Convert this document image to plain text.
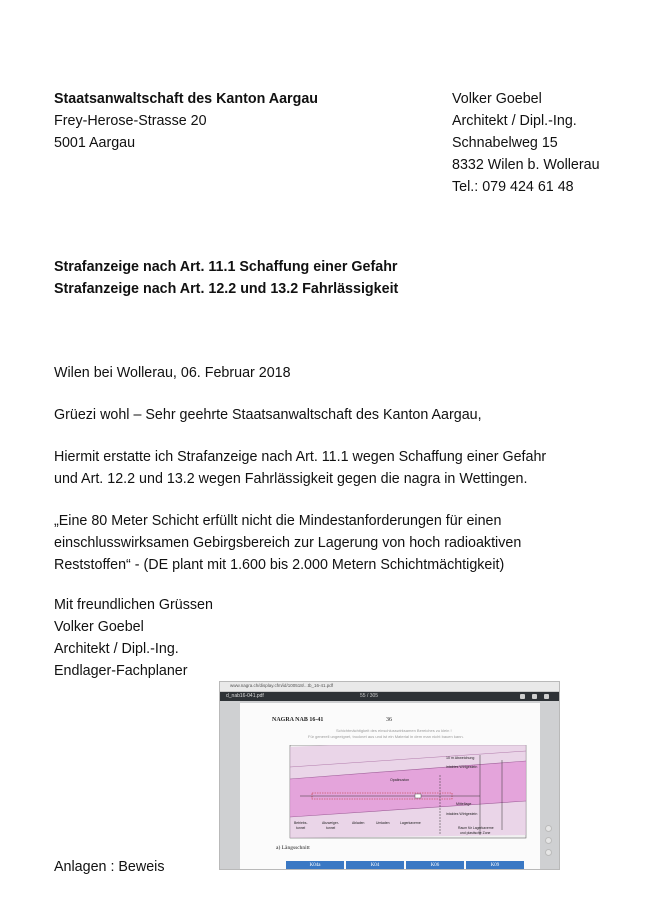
Staatsanwaltschaft des Kanton Aargau
Frey-Herose-Strasse 20
5001 Aargau
Volker Goebel
Architekt / Dipl.-Ing.
Schnabelweg 15
8332 Wilen b. Wollerau
Tel.: 079 424 61 48
Strafanzeige nach Art. 11.1 Schaffung einer Gefahr
Strafanzeige nach Art. 12.2 und 13.2 Fahrlässigkeit
Wilen bei Wollerau, 06. Februar 2018
Grüezi wohl – Sehr geehrte Staatsanwaltschaft des Kanton Aargau,
Hiermit erstatte ich Strafanzeige nach Art. 11.1 wegen Schaffung einer Gefahr
und Art. 12.2 und 13.2 wegen Fahrlässigkeit gegen die nagra in Wettingen.
„Eine 80 Meter Schicht erfüllt nicht die Mindestanforderungen für einen
einschlusswirksamen Gebirgsbereich zur Lagerung von hoch radioaktiven
Reststoffen“ - (DE plant mit 1.600 bis 2.000 Metern Schichtmächtigkeit)
Mit freundlichen Grüssen
Volker Goebel
Architekt / Dipl.-Ing.
Endlager-Fachplaner
Anlagen : Beweis
www.nagra.ch/display.cfm/id/100518/...tb_16-41.pdf
d_nab16-041.pdf	55 / 305
NAGRA NAB 16-41	36
Schichtmächtigkeit des einschlusswirksamen Bereiches zu klein !
Für generell ungeeignet, trocknet aus und ist ein Material in dem man nicht bauen kann.
10 m Abweichung
intaktes Wirtgestein
Opalinuston
Mittellage
intaktes Wirtgestein
Betriebs-
tunnel
Abzweiger-
tunnel
Abladen	Umladen	Lagerkaverne
Raum für Lagerkaverne
und plastische Zone
a) Längsschnitt
K04a	K04	K06	K09
